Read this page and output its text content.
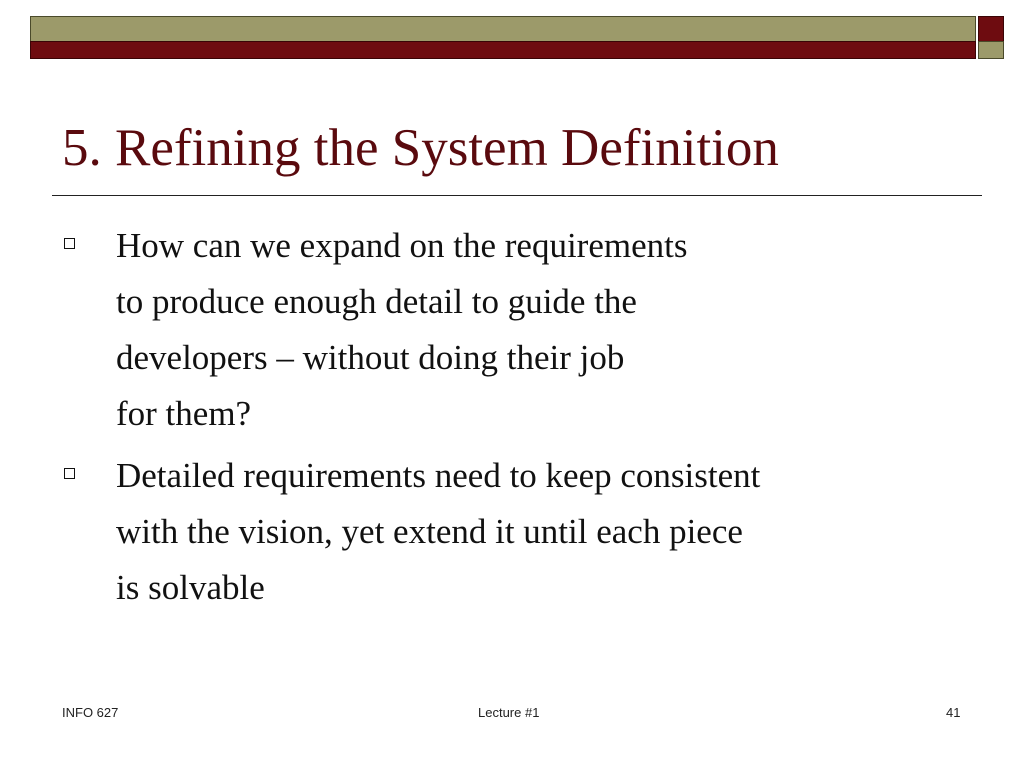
5. Refining the System Definition
How can we expand on the requirements
to produce enough detail to guide the
developers – without doing their job
for them?
Detailed requirements need to keep consistent
with the vision, yet extend it until each piece
is solvable
INFO 627	Lecture #1	41
